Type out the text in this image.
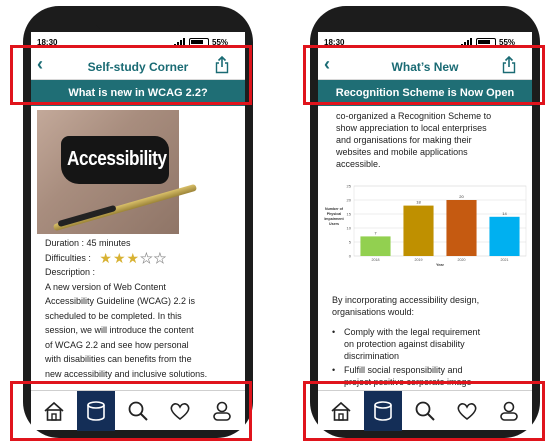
18:30	55%
‹	Self-study Corner
What is new in WCAG 2.2?
Accessibility
Duration : 45 minutes
Difficulties : ★ ★ ★ ★ ★
Description :
A new version of Web Content
Accessibility Guideline (WCAG) 2.2 is
scheduled to be completed. In this
session, we will introduce the content
of WCAG 2.2 and see how personal
with disabilities can benefits from the
new accessibility and inclusive solutions.
18:30	55%
‹	What’s New
Recognition Scheme is Now Open
co-organized a Recognition Scheme to
show appreciation to local enterprises
and organisations for making their
websites and mobile applications
accessible.
0
5
10
15
20
25
7
2018
18
2019
20
2020
14
2021
Year
Number of
Physical
Impairment
Users
By incorporating accessibility design,
organisations would:
• Comply with the legal requirement
on protection against disability
discrimination
• Fulfill social responsibility and
project positive corporate image
